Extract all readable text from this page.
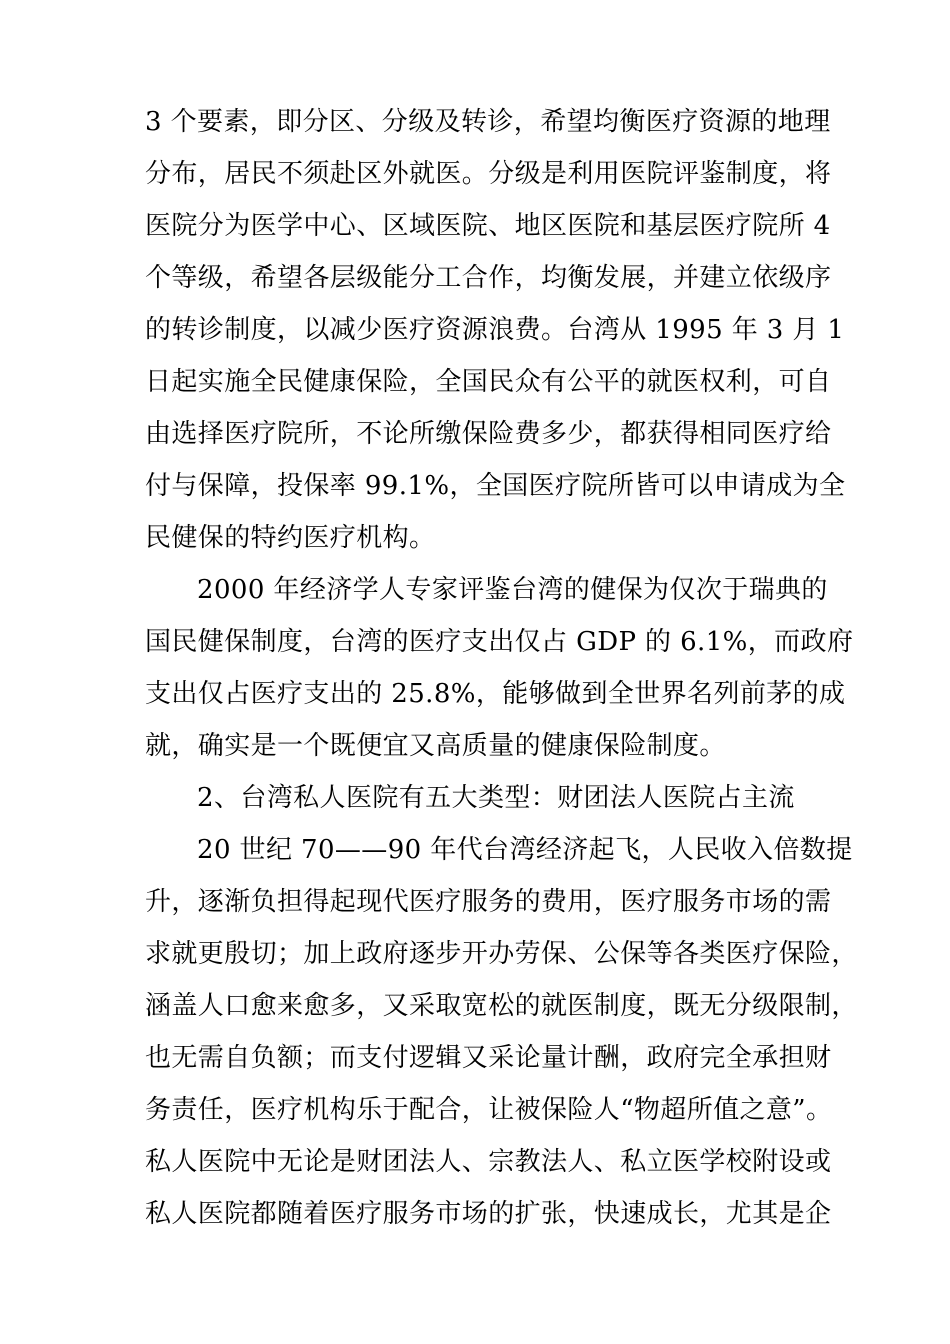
3 个要素，即分区、分级及转诊，希望均衡医疗资源的地理
分布，居民不须赴区外就医。分级是利用医院评鉴制度，将
医院分为医学中心、区域医院、地区医院和基层医疗院所 4
个等级，希望各层级能分工合作，均衡发展，并建立依级序
的转诊制度，以减少医疗资源浪费。台湾从 1995 年 3 月 1
日起实施全民健康保险，全国民众有公平的就医权利，可自
由选择医疗院所，不论所缴保险费多少，都获得相同医疗给
付与保障，投保率 99.1%，全国医疗院所皆可以申请成为全
民健保的特约医疗机构。
2000 年经济学人专家评鉴台湾的健保为仅次于瑞典的
国民健保制度，台湾的医疗支出仅占 GDP 的 6.1%，而政府
支出仅占医疗支出的 25.8%，能够做到全世界名列前茅的成
就，确实是一个既便宜又高质量的健康保险制度。
2、台湾私人医院有五大类型：财团法人医院占主流
20 世纪 70——90 年代台湾经济起飞，人民收入倍数提
升，逐渐负担得起现代医疗服务的费用，医疗服务市场的需
求就更殷切；加上政府逐步开办劳保、公保等各类医疗保险，
涵盖人口愈来愈多，又采取宽松的就医制度，既无分级限制，
也无需自负额；而支付逻辑又采论量计酬，政府完全承担财
务责任，医疗机构乐于配合，让被保险人“物超所值之意”。
私人医院中无论是财团法人、宗教法人、私立医学校附设或
私人医院都随着医疗服务市场的扩张，快速成长，尤其是企
